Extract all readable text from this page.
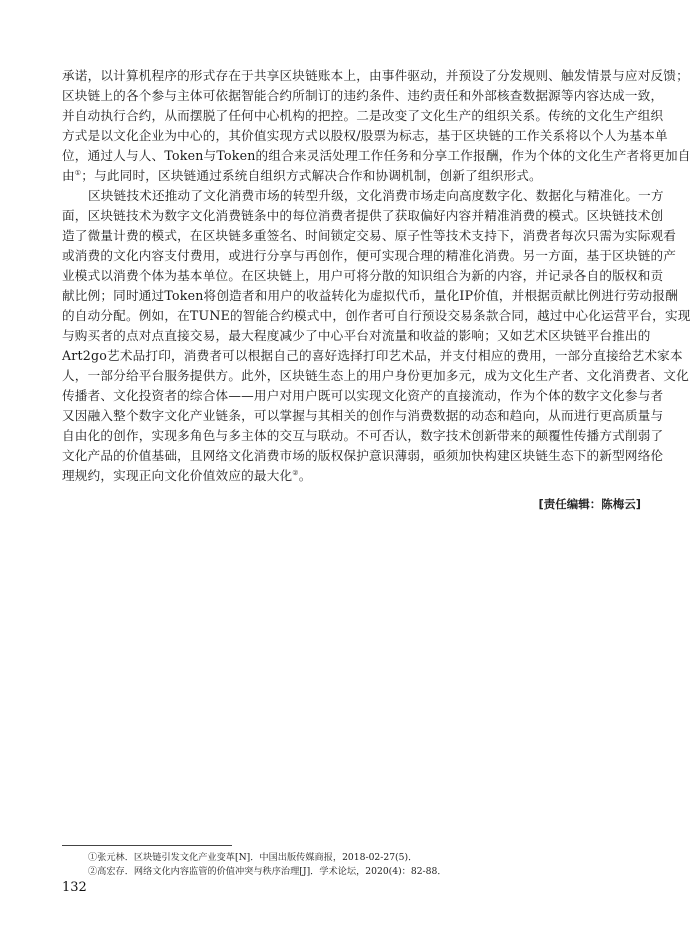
承诺，以计算机程序的形式存在于共享区块链账本上，由事件驱动，并预设了分发规则、触发情景与应对反馈；
区块链上的各个参与主体可依据智能合约所制订的违约条件、违约责任和外部核查数据源等内容达成一致，
并自动执行合约，从而摆脱了任何中心机构的把控。二是改变了文化生产的组织关系。传统的文化生产组织
方式是以文化企业为中心的，其价值实现方式以股权/股票为标志，基于区块链的工作关系将以个人为基本单
位，通过人与人、Token与Token的组合来灵活处理工作任务和分享工作报酬，作为个体的文化生产者将更加自
由①；与此同时，区块链通过系统自组织方式解决合作和协调机制，创新了组织形式。
区块链技术还推动了文化消费市场的转型升级，文化消费市场走向高度数字化、数据化与精准化。一方
面，区块链技术为数字文化消费链条中的每位消费者提供了获取偏好内容并精准消费的模式。区块链技术创
造了微量计费的模式，在区块链多重签名、时间锁定交易、原子性等技术支持下，消费者每次只需为实际观看
或消费的文化内容支付费用，或进行分享与再创作，便可实现合理的精准化消费。另一方面，基于区块链的产
业模式以消费个体为基本单位。在区块链上，用户可将分散的知识组合为新的内容，并记录各自的版权和贡
献比例；同时通过Token将创造者和用户的收益转化为虚拟代币，量化IP价值，并根据贡献比例进行劳动报酬
的自动分配。例如，在TUNE的智能合约模式中，创作者可自行预设交易条款合同，越过中心化运营平台，实现
与购买者的点对点直接交易，最大程度减少了中心平台对流量和收益的影响；又如艺术区块链平台推出的
Art2go艺术品打印，消费者可以根据自己的喜好选择打印艺术品，并支付相应的费用，一部分直接给艺术家本
人，一部分给平台服务提供方。此外，区块链生态上的用户身份更加多元，成为文化生产者、文化消费者、文化
传播者、文化投资者的综合体——用户对用户既可以实现文化资产的直接流动，作为个体的数字文化参与者
又因融入整个数字文化产业链条，可以掌握与其相关的创作与消费数据的动态和趋向，从而进行更高质量与
自由化的创作，实现多角色与多主体的交互与联动。不可否认，数字技术创新带来的颠覆性传播方式削弱了
文化产品的价值基础，且网络文化消费市场的版权保护意识薄弱，亟须加快构建区块链生态下的新型网络伦
理规约，实现正向文化价值效应的最大化②。
[责任编辑：陈梅云]
①张元林．区块链引发文化产业变革[N]．中国出版传媒商报，2018-02-27(5)．
②高宏存．网络文化内容监管的价值冲突与秩序治理[J]．学术论坛，2020(4)：82-88．
132
